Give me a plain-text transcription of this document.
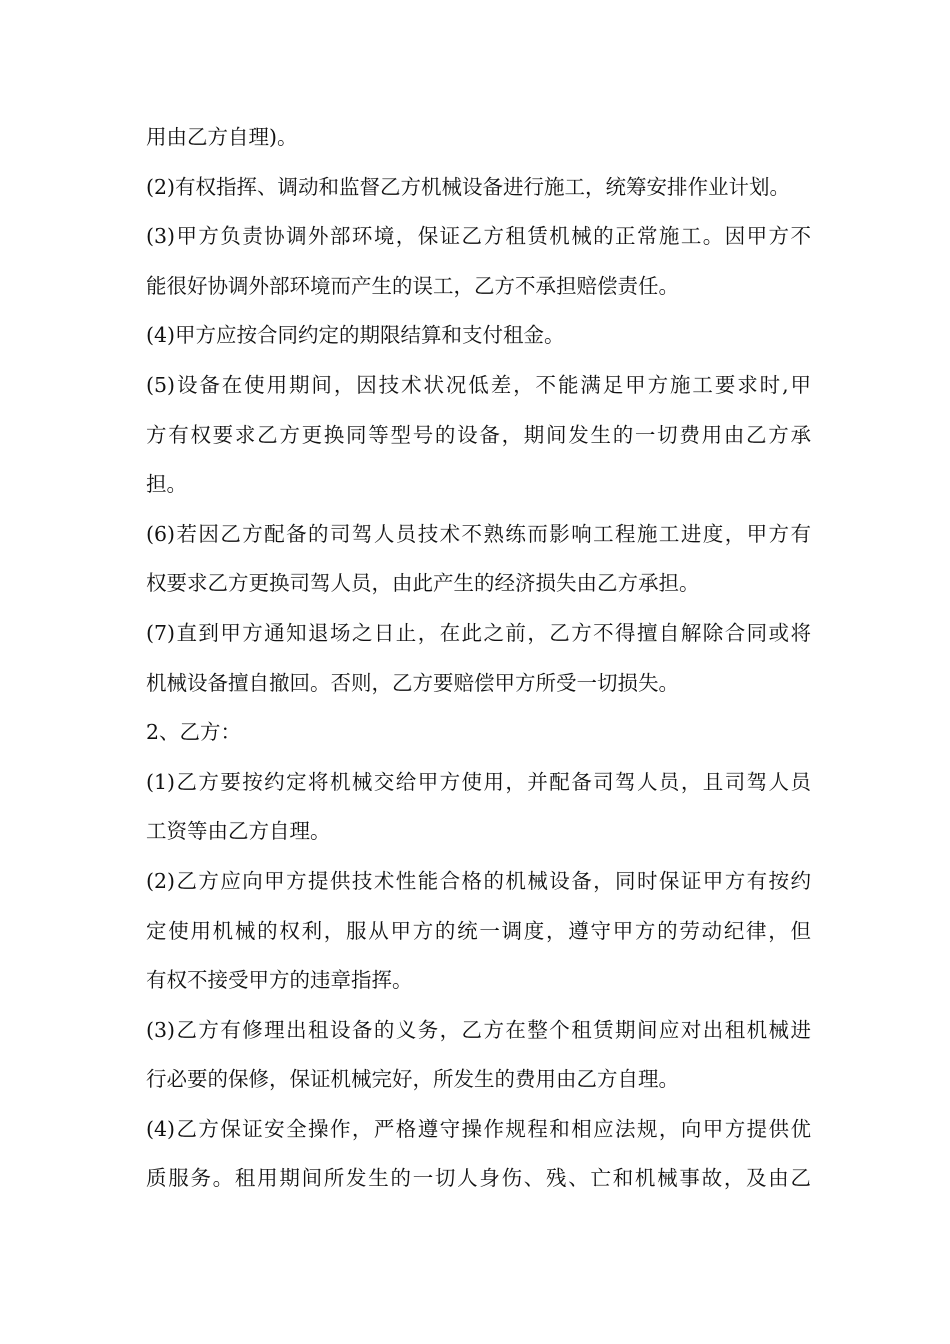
用由乙方自理)。
(2)有权指挥、调动和监督乙方机械设备进行施工，统筹安排作业计划。
(3)甲方负责协调外部环境，保证乙方租赁机械的正常施工。因甲方不
能很好协调外部环境而产生的误工，乙方不承担赔偿责任。
(4)甲方应按合同约定的期限结算和支付租金。
(5)设备在使用期间，因技术状况低差，不能满足甲方施工要求时,甲
方有权要求乙方更换同等型号的设备，期间发生的一切费用由乙方承
担。
(6)若因乙方配备的司驾人员技术不熟练而影响工程施工进度，甲方有
权要求乙方更换司驾人员，由此产生的经济损失由乙方承担。
(7)直到甲方通知退场之日止，在此之前，乙方不得擅自解除合同或将
机械设备擅自撤回。否则，乙方要赔偿甲方所受一切损失。
2、乙方：
(1)乙方要按约定将机械交给甲方使用，并配备司驾人员，且司驾人员
工资等由乙方自理。
(2)乙方应向甲方提供技术性能合格的机械设备，同时保证甲方有按约
定使用机械的权利，服从甲方的统一调度，遵守甲方的劳动纪律，但
有权不接受甲方的违章指挥。
(3)乙方有修理出租设备的义务，乙方在整个租赁期间应对出租机械进
行必要的保修，保证机械完好，所发生的费用由乙方自理。
(4)乙方保证安全操作，严格遵守操作规程和相应法规，向甲方提供优
质服务。租用期间所发生的一切人身伤、残、亡和机械事故，及由乙
